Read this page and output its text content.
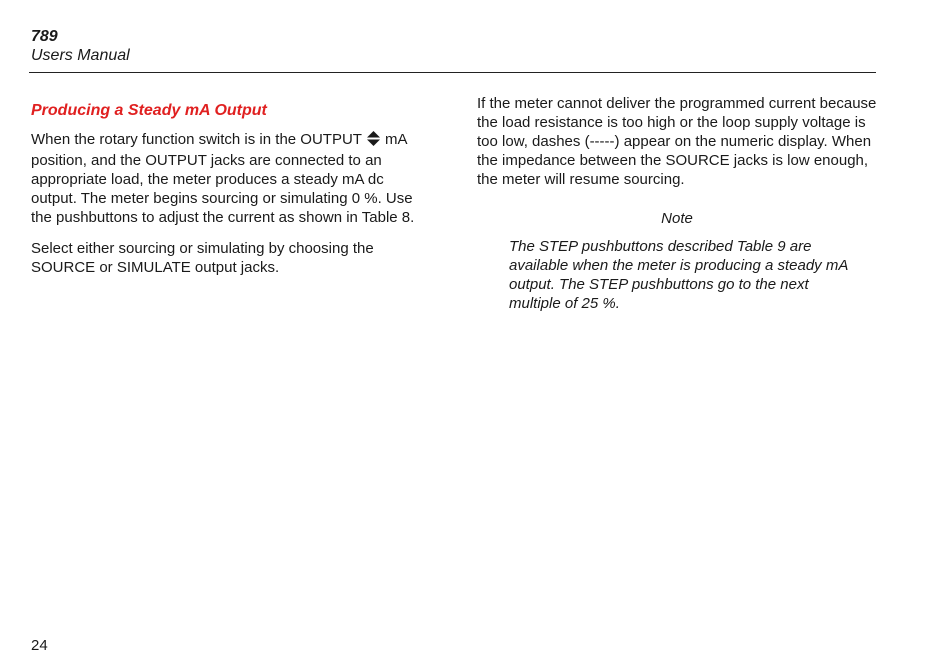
789
Users Manual
Producing a Steady mA Output

When the rotary function switch is in the OUTPUT mA position, and the OUTPUT jacks are connected to an appropriate load, the meter produces a steady mA dc output. The meter begins sourcing or simulating 0 %. Use the pushbuttons to adjust the current as shown in Table 8.

Select either sourcing or simulating by choosing the SOURCE or SIMULATE output jacks.

If the meter cannot deliver the programmed current because the load resistance is too high or the loop supply voltage is too low, dashes (-----) appear on the numeric display. When the impedance between the SOURCE jacks is low enough, the meter will resume sourcing.

Note
The STEP pushbuttons described Table 9 are available when the meter is producing a steady mA output. The STEP pushbuttons go to the next multiple of 25 %.
24
